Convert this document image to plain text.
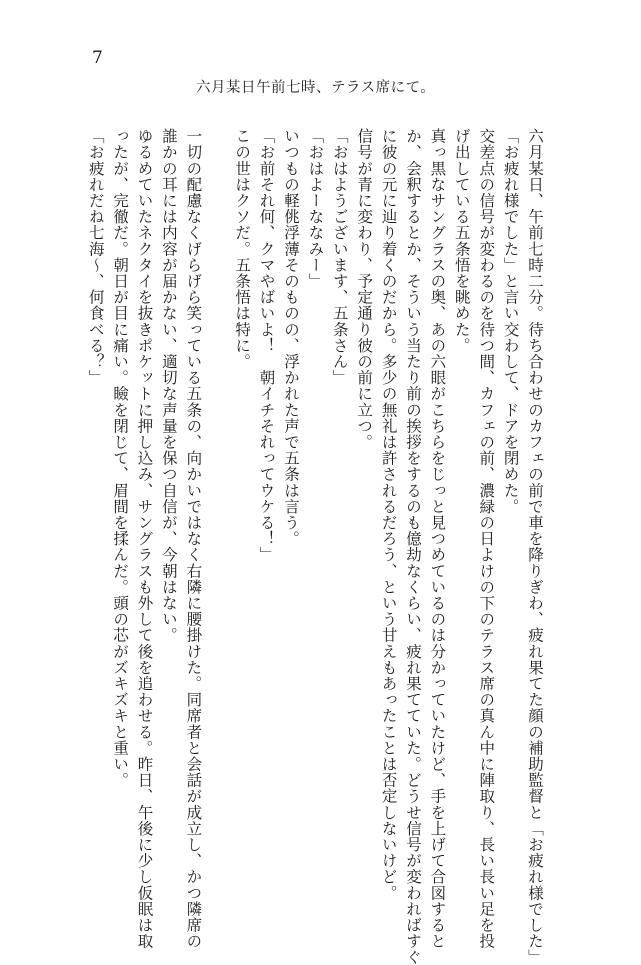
7
六月某日午前七時、テラス席にて。

六月某日、午前七時二分。待ち合わせのカフェの前で車を降りぎわ、疲れ果てた顔の補助監督と「お疲れ様でした」

「お疲れ様でした」と言い交わして、ドアを閉めた。

交差点の信号が変わるのを待つ間、カフェの前、濃緑の日よけの下のテラス席の真ん中に陣取り、長い長い足を投

げ出している五条悟を眺めた。

真っ黒なサングラスの奥、あの六眼がこちらをじっと見つめているのは分かっていたけど、手を上げて合図すると

か、会釈するとか、そういう当たり前の挨拶をするのも億劫なくらい、疲れ果てていた。どうせ信号が変わればすぐ

に彼の元に辿り着くのだから。多少の無礼は許されるだろう、という甘えもあったことは否定しないけど。

信号が青に変わり、予定通り彼の前に立つ。

「おはようございます、五条さん」

「おはよーななみー」

いつもの軽佻浮薄そのものの、浮かれた声で五条は言う。

「お前それ何、クマやばいよ！　朝イチそれってウケる！」

この世はクソだ。五条悟は特に。

一切の配慮なくげらげら笑っている五条の、向かいではなく右隣に腰掛けた。同席者と会話が成立し、かつ隣席の

誰かの耳には内容が届かない、適切な声量を保つ自信が、今朝はない。

ゆるめていたネクタイを抜きポケットに押し込み、サングラスも外して後を追わせる。昨日、午後に少し仮眠は取

ったが、完徹だ。朝日が目に痛い。瞼を閉じて、眉間を揉んだ。頭の芯がズキズキと重い。

「お疲れだね七海〜、何食べる？」
